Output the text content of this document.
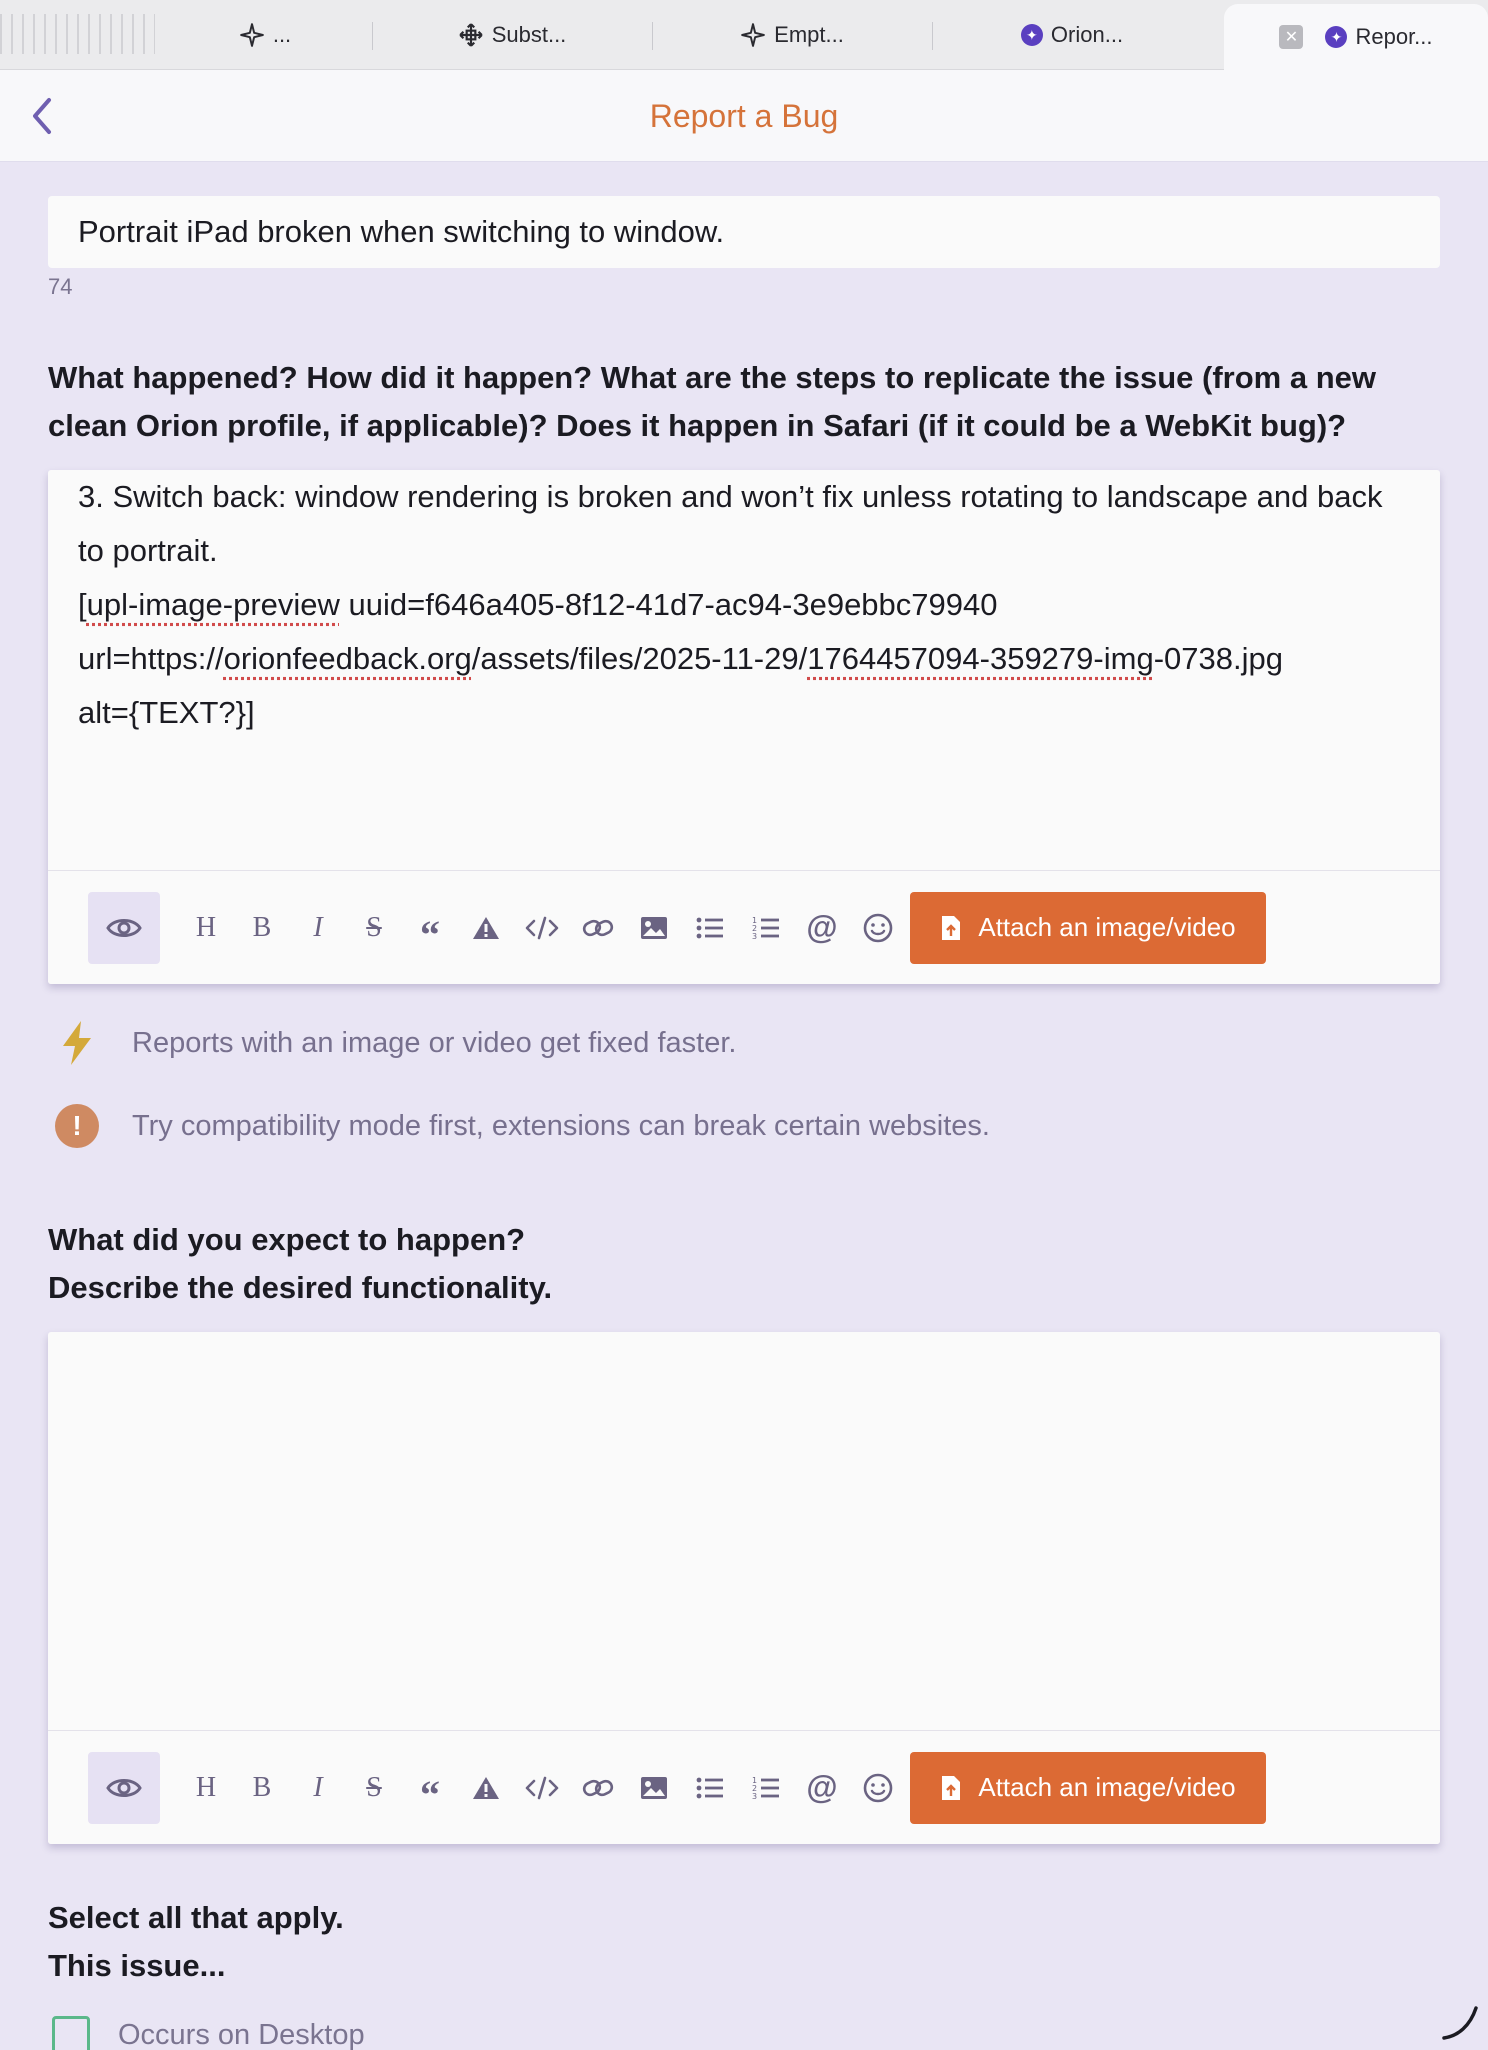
...	Subst...	Empt...	✦ Orion...	✕	✦ Repor...
Report a Bug
Portrait iPad broken when switching to window.
74
What happened? How did it happen? What are the steps to replicate the issue (from a new clean Orion profile, if applicable)? Does it happen in Safari (if it could be a WebKit bug)?
3. Switch back: window rendering is broken and won’t fix unless rotating to landscape and back to portrait.
[upl-image-preview uuid=f646a405-8f12-41d7-ac94-3e9ebbc79940
url=https://orionfeedback.org/assets/files/2025-11-29/1764457094-359279-img-0738.jpg
alt={TEXT?}]
H B I S “	1
2
3 @	Attach an image/video
Reports with an image or video get fixed faster.
!	Try compatibility mode first, extensions can break certain websites.
What did you expect to happen?
Describe the desired functionality.
H B I S “	1
2
3 @	Attach an image/video
Select all that apply.
This issue...
Occurs on Desktop
